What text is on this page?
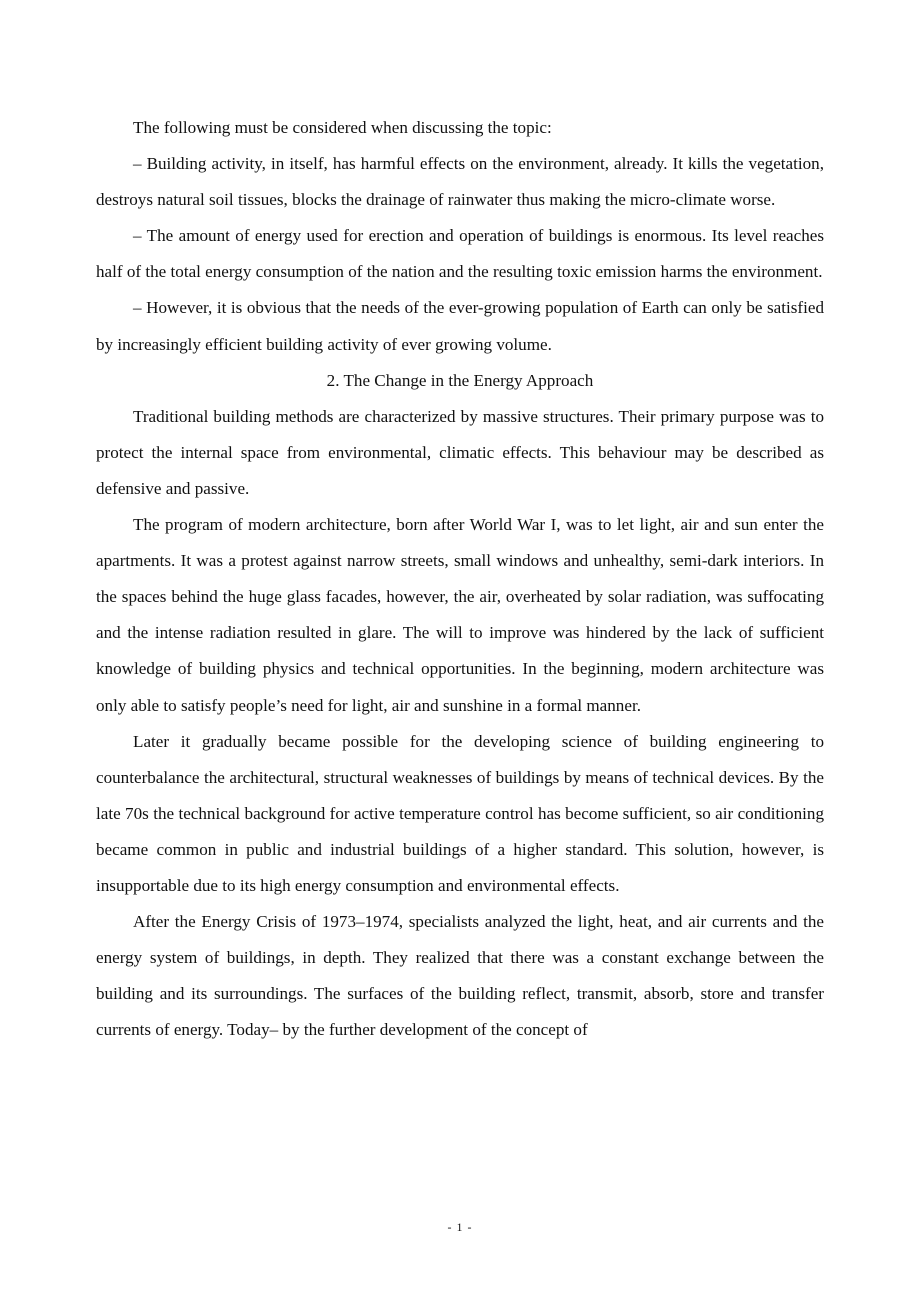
The following must be considered when discussing the topic:

– Building activity, in itself, has harmful effects on the environment, already. It kills the vegetation, destroys natural soil tissues, blocks the drainage of rainwater thus making the micro-climate worse.

– The amount of energy used for erection and operation of buildings is enormous. Its level reaches half of the total energy consumption of the nation and the resulting toxic emission harms the environment.

– However, it is obvious that the needs of the ever-growing population of Earth can only be satisfied by increasingly efficient building activity of ever growing volume.

2. The Change in the Energy Approach

Traditional building methods are characterized by massive structures. Their primary purpose was to protect the internal space from environmental, climatic effects. This behaviour may be described as defensive and passive.

The program of modern architecture, born after World War I, was to let light, air and sun enter the apartments. It was a protest against narrow streets, small windows and unhealthy, semi-dark interiors. In the spaces behind the huge glass facades, however, the air, overheated by solar radiation, was suffocating and the intense radiation resulted in glare. The will to improve was hindered by the lack of sufficient knowledge of building physics and technical opportunities. In the beginning, modern architecture was only able to satisfy people’s need for light, air and sunshine in a formal manner.

Later it gradually became possible for the developing science of building engineering to counterbalance the architectural, structural weaknesses of buildings by means of technical devices. By the late 70s the technical background for active temperature control has become sufficient, so air conditioning became common in public and industrial buildings of a higher standard. This solution, however, is insupportable due to its high energy consumption and environmental effects.

After the Energy Crisis of 1973–1974, specialists analyzed the light, heat, and air currents and the energy system of buildings, in depth. They realized that there was a constant exchange between the building and its surroundings. The surfaces of the building reflect, transmit, absorb, store and transfer currents of energy. Today– by the further development of the concept of

- 1 -
